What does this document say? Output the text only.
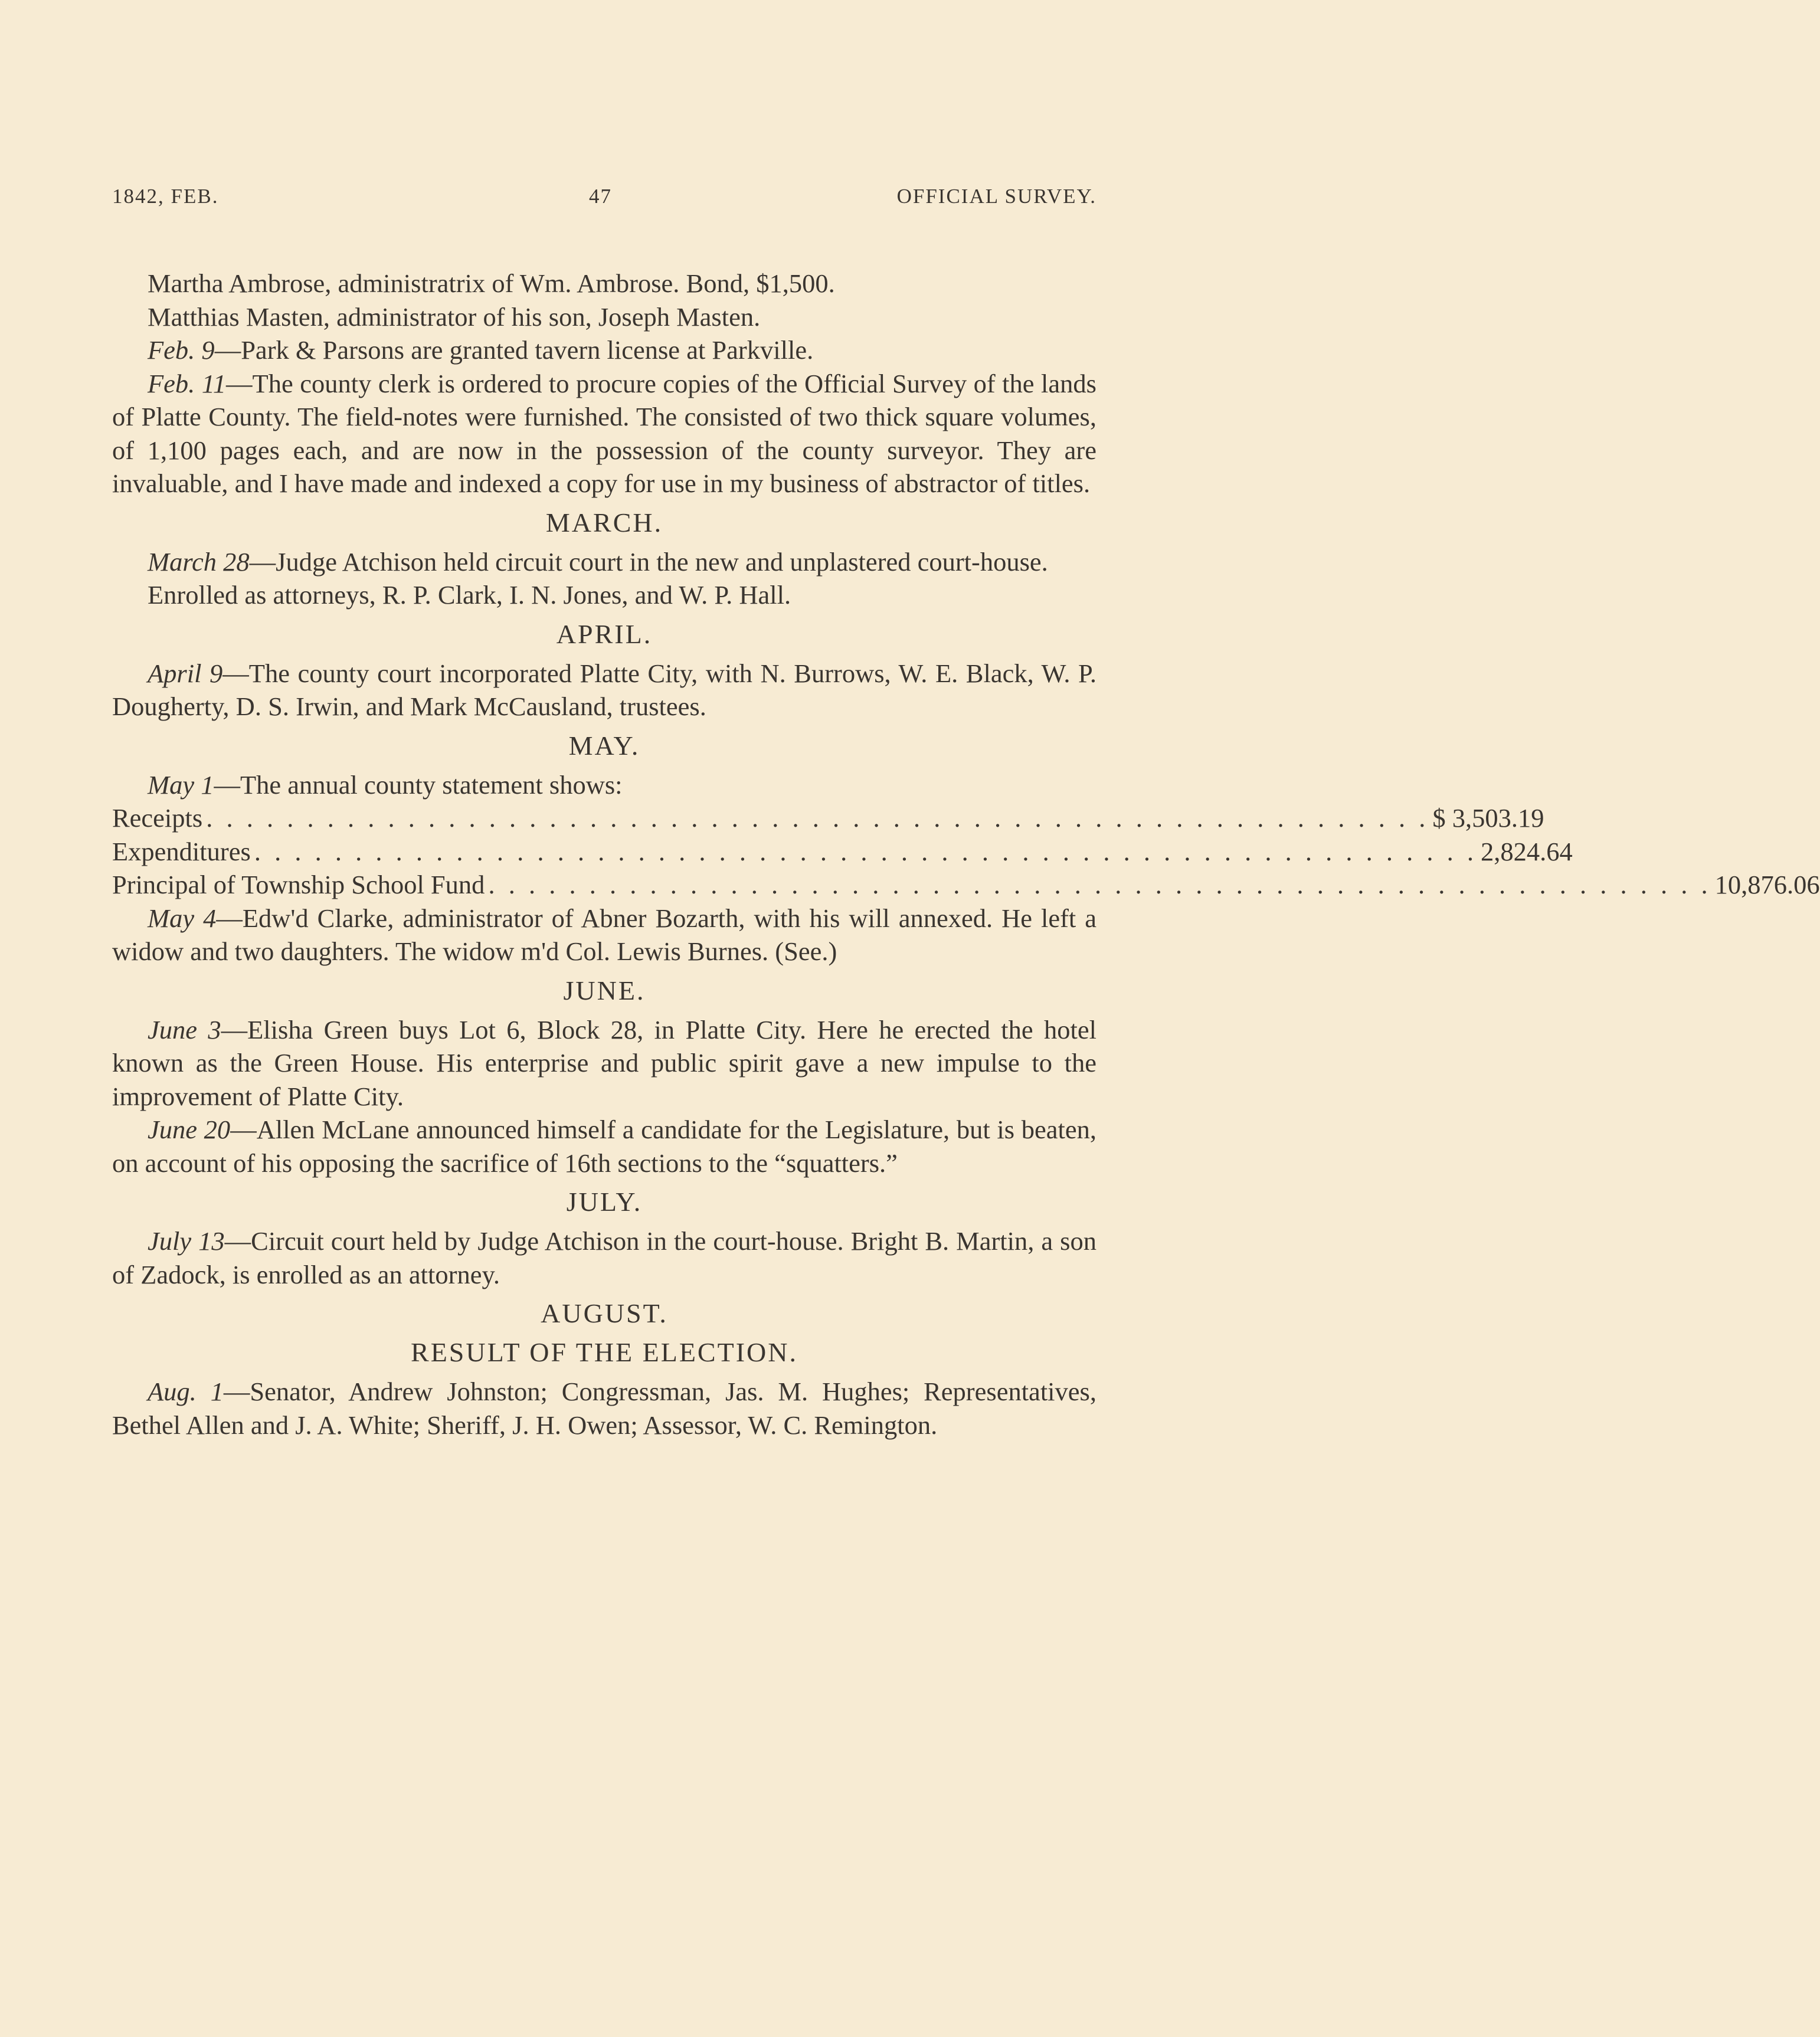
1842, FEB.	47	OFFICIAL SURVEY.

Martha Ambrose, administratrix of Wm. Ambrose. Bond, $1,500.

Matthias Masten, administrator of his son, Joseph Masten.

Feb. 9—Park & Parsons are granted tavern license at Parkville.

Feb. 11—The county clerk is ordered to procure copies of the Official Survey of the lands of Platte County. The field-notes were furnished. The consisted of two thick square volumes, of 1,100 pages each, and are now in the possession of the county surveyor. They are invaluable, and I have made and indexed a copy for use in my business of abstractor of titles.

MARCH.

March 28—Judge Atchison held circuit court in the new and unplastered court-house.

Enrolled as attorneys, R. P. Clark, I. N. Jones, and W. P. Hall.

APRIL.

April 9—The county court incorporated Platte City, with N. Burrows, W. E. Black, W. P. Dougherty, D. S. Irwin, and Mark McCausland, trustees.

MAY.

May 1—The annual county statement shows:

Receipts . . . . . . . . . . . . . . . . . . . . . . . . . . . . . . . . . . . . . . . . . . . . . . . . . . . . . . . . . . . . . $ 3,503.19
Expenditures . . . . . . . . . . . . . . . . . . . . . . . . . . . . . . . . . . . . . . . . . . . . . . . . . . . . . . . . . . . . . 2,824.64
Principal of Township School Fund . . . . . . . . . . . . . . . . . . . . . . . . . . . . . . . . . . . . . . . . . . . . . . . . . . . . . . . . . . . . . 10,876.06

May 4—Edw'd Clarke, administrator of Abner Bozarth, with his will annexed. He left a widow and two daughters. The widow m'd Col. Lewis Burnes. (See.)

JUNE.

June 3—Elisha Green buys Lot 6, Block 28, in Platte City. Here he erected the hotel known as the Green House. His enterprise and public spirit gave a new impulse to the improvement of Platte City.

June 20—Allen McLane announced himself a candidate for the Legislature, but is beaten, on account of his opposing the sacrifice of 16th sections to the “squatters.”

JULY.

July 13—Circuit court held by Judge Atchison in the court-house. Bright B. Martin, a son of Zadock, is enrolled as an attorney.

AUGUST.
RESULT OF THE ELECTION.

Aug. 1—Senator, Andrew Johnston; Congressman, Jas. M. Hughes; Representatives, Bethel Allen and J. A. White; Sheriff, J. H. Owen; Assessor, W. C. Remington.
